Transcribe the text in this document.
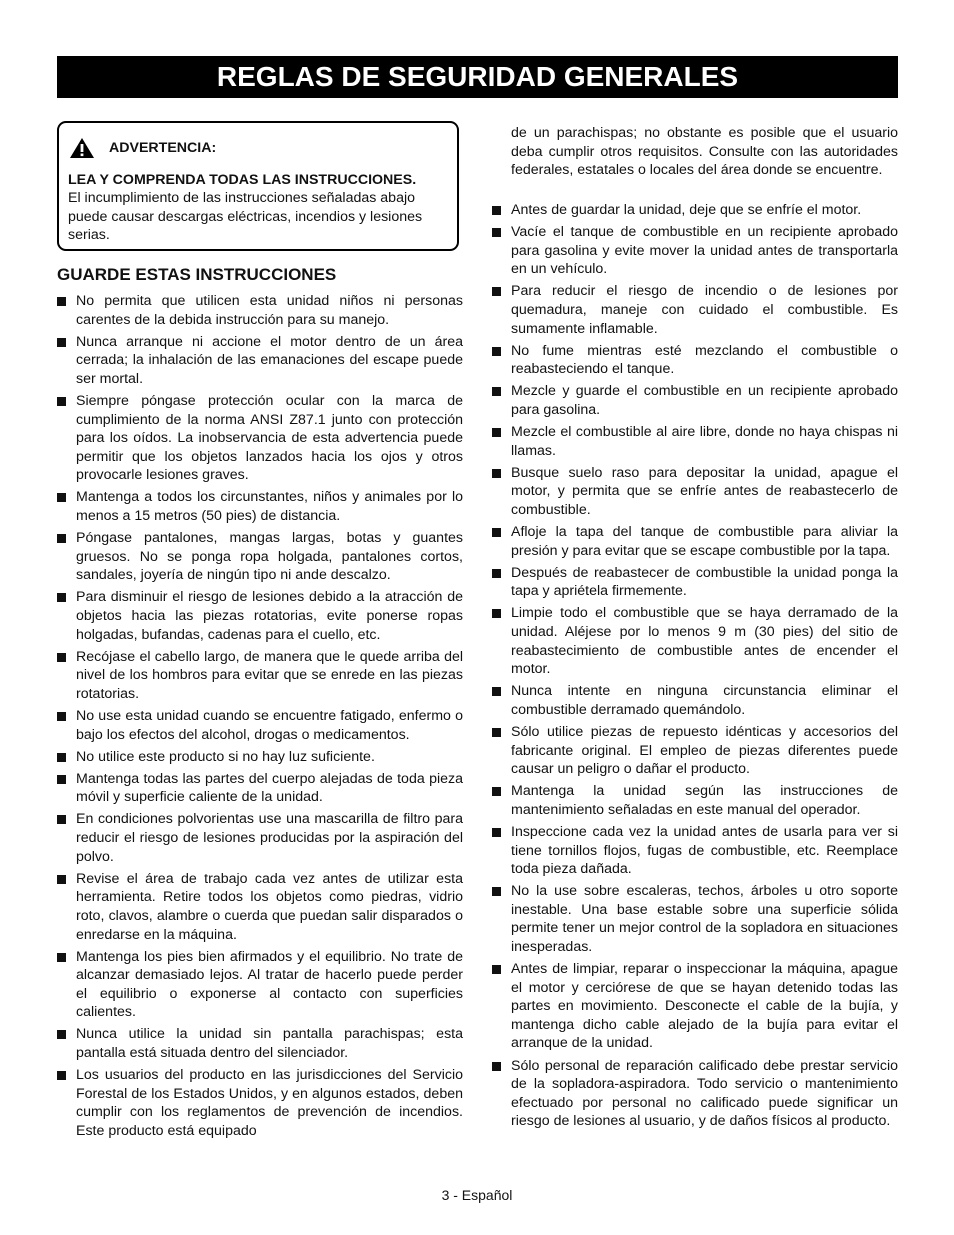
REGLAS DE SEGURIDAD GENERALES
ADVERTENCIA:
LEA Y COMPRENDA TODAS LAS INSTRUCCIONES.
El incumplimiento de las instrucciones señaladas abajo puede causar descargas eléctricas, incendios y lesiones serias.
GUARDE ESTAS INSTRUCCIONES
No permita que utilicen esta unidad niños ni personas carentes de la debida instrucción para su manejo.
Nunca arranque ni accione el motor dentro de un área cerrada; la inhalación de las emanaciones del escape puede ser mortal.
Siempre póngase protección ocular con la marca de cumplimiento de la norma ANSI Z87.1 junto con protección para los oídos. La inobservancia de esta advertencia puede permitir que los objetos lanzados hacia los ojos y otros provocarle lesiones graves.
Mantenga a todos los circunstantes, niños y animales por lo menos a 15 metros (50 pies) de distancia.
Póngase pantalones, mangas largas, botas y guantes gruesos. No se ponga ropa holgada, pantalones cortos, sandales, joyería de ningún tipo ni ande descalzo.
Para disminuir el riesgo de lesiones debido a la atracción de objetos hacia las piezas rotatorias, evite ponerse ropas holgadas, bufandas, cadenas para el cuello, etc.
Recójase el cabello largo, de manera que le quede arriba del nivel de los hombros para evitar que se enrede en las piezas rotatorias.
No use esta unidad cuando se encuentre fatigado, enfermo o bajo los efectos del alcohol, drogas o medicamentos.
No utilice este producto si no hay luz suficiente.
Mantenga todas las partes del cuerpo alejadas de toda pieza móvil y superficie caliente de la unidad.
En condiciones polvorientas use una mascarilla de filtro para reducir el riesgo de lesiones producidas por la aspiración del polvo.
Revise el área de trabajo cada vez antes de utilizar esta herramienta. Retire todos los objetos como piedras, vidrio roto, clavos, alambre o cuerda que puedan salir disparados o enredarse en la máquina.
Mantenga los pies bien afirmados y el equilibrio. No trate de alcanzar demasiado lejos. Al tratar de hacerlo puede perder el equilibrio o exponerse al contacto con superficies calientes.
Nunca utilice la unidad sin pantalla parachispas; esta pantalla está situada dentro del silenciador.
Los usuarios del producto en las jurisdicciones del Servicio Forestal de los Estados Unidos, y en algunos estados, deben cumplir con los reglamentos de prevención de incendios. Este producto está equipado
de un parachispas; no obstante es posible que el usuario deba cumplir otros requisitos. Consulte con las autoridades federales, estatales o locales del área donde se encuentre.
Antes de guardar la unidad, deje que se enfríe el motor.
Vacíe el tanque de combustible en un recipiente aprobado para gasolina y evite mover la unidad antes de transportarla en un vehículo.
Para reducir el riesgo de incendio o de lesiones por quemadura, maneje con cuidado el combustible. Es sumamente inflamable.
No fume mientras esté mezclando el combustible o reabasteciendo el tanque.
Mezcle y guarde el combustible en un recipiente aprobado para gasolina.
Mezcle el combustible al aire libre, donde no haya chispas ni llamas.
Busque suelo raso para depositar la unidad, apague el motor, y permita que se enfríe antes de reabastecerlo de combustible.
Afloje la tapa del tanque de combustible para aliviar la presión y para evitar que se escape combustible por la tapa.
Después de reabastecer de combustible la unidad ponga la tapa y apriétela firmemente.
Limpie todo el combustible que se haya derramado de la unidad. Aléjese por lo menos 9 m (30 pies) del sitio de reabastecimiento de combustible antes de encender el motor.
Nunca intente en ninguna circunstancia eliminar el combustible derramado quemándolo.
Sólo utilice piezas de repuesto idénticas y accesorios del fabricante original. El empleo de piezas diferentes puede causar un peligro o dañar el producto.
Mantenga la unidad según las instrucciones de mantenimiento señaladas en este manual del operador.
Inspeccione cada vez la unidad antes de usarla para ver si tiene tornillos flojos, fugas de combustible, etc. Reemplace toda pieza dañada.
No la use sobre escaleras, techos, árboles u otro soporte inestable. Una base estable sobre una superficie sólida permite tener un mejor control de la sopladora en situaciones inesperadas.
Antes de limpiar, reparar o inspeccionar la máquina, apague el motor y cerciórese de que se hayan detenido todas las partes en movimiento. Desconecte el cable de la bujía, y mantenga dicho cable alejado de la bujía para evitar el arranque de la unidad.
Sólo personal de reparación calificado debe prestar servicio de la sopladora-aspiradora. Todo servicio o mantenimiento efectuado por personal no calificado puede significar un riesgo de lesiones al usuario, y de daños físicos al producto.
3 - Español
